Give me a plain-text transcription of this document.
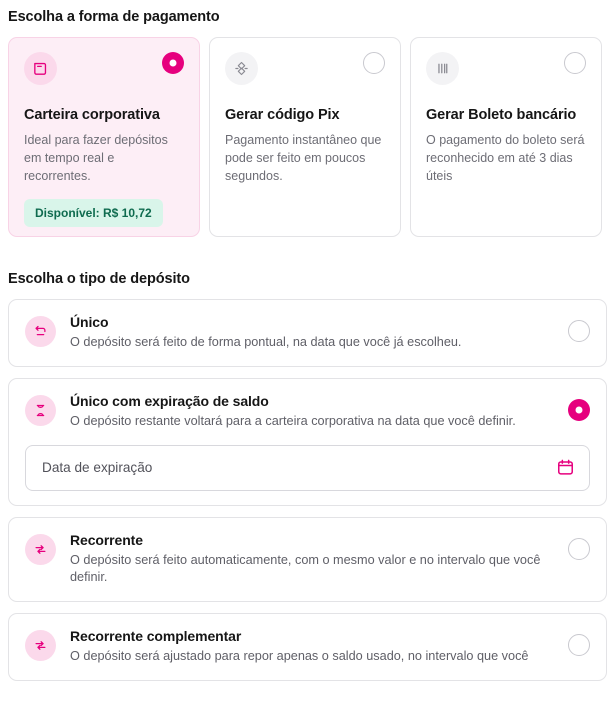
Escolha a forma de pagamento
Carteira corporativa
Ideal para fazer depósitos em tempo real e recorrentes.
Disponível: R$ 10,72
Gerar código Pix
Pagamento instantâneo que pode ser feito em poucos segundos.
Gerar Boleto bancário
O pagamento do boleto será reconhecido em até 3 dias úteis
Escolha o tipo de depósito
Único
O depósito será feito de forma pontual, na data que você já escolheu.
Único com expiração de saldo
O depósito restante voltará para a carteira corporativa na data que você definir.
Data de expiração
Recorrente
O depósito será feito automaticamente, com o mesmo valor e no intervalo que você definir.
Recorrente complementar
O depósito será ajustado para repor apenas o saldo usado, no intervalo que você
